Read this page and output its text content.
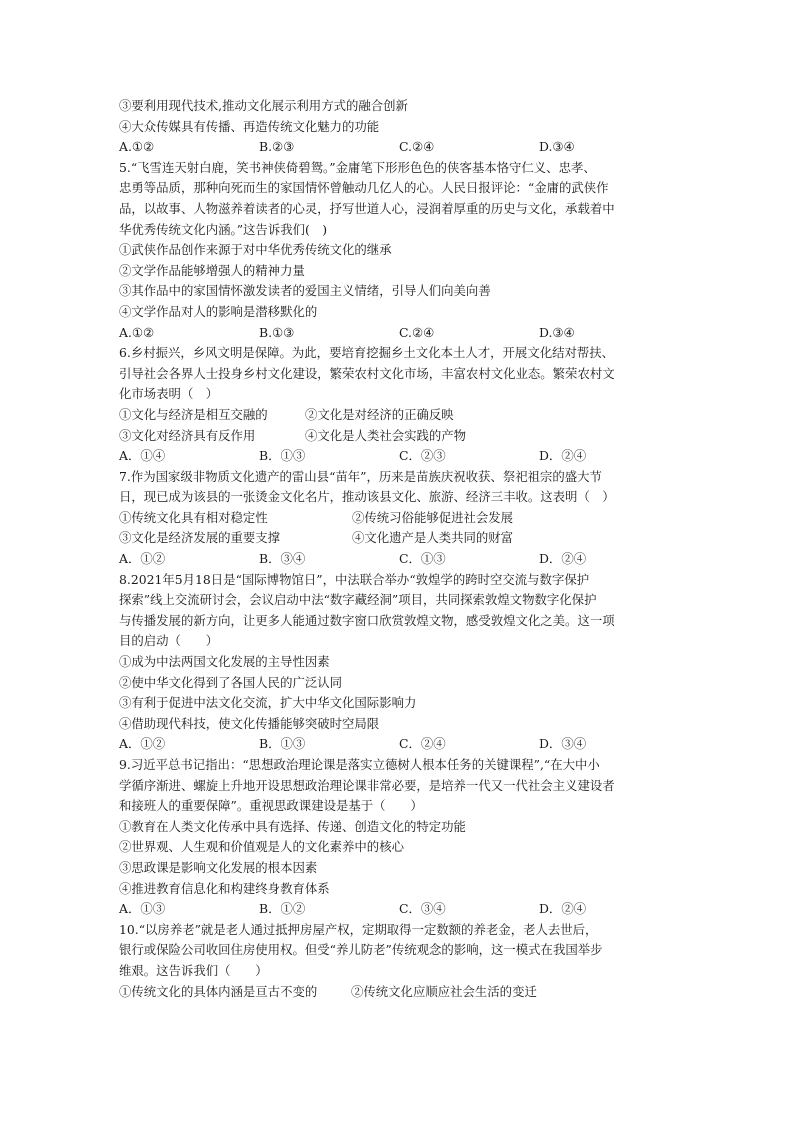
③要利用现代技术,推动文化展示利用方式的融合创新
④大众传媒具有传播、再造传统文化魅力的功能
A.①②	B.②③	C.②④	D.③④
5.“飞雪连天射白鹿，笑书神侠倚碧鸳。”金庸笔下形形色色的侠客基本恪守仁义、忠孝、
忠勇等品质，那种向死而生的家国情怀曾触动几亿人的心。人民日报评论：“金庸的武侠作
品，以故事、人物滋养着读者的心灵，抒写世道人心，浸润着厚重的历史与文化，承载着中
华优秀传统文化内涵。”这告诉我们(　)
①武侠作品创作来源于对中华优秀传统文化的继承
②文学作品能够增强人的精神力量
③其作品中的家国情怀激发读者的爱国主义情绪，引导人们向美向善
④文学作品对人的影响是潜移默化的
A.①②	B.①③	C.②④	D.③④
6.乡村振兴，乡风文明是保障。为此，要培育挖掘乡土文化本土人才，开展文化结对帮扶、
引导社会各界人士投身乡村文化建设，繁荣农村文化市场，丰富农村文化业态。繁荣农村文
化市场表明（　）
①文化与经济是相互交融的	②文化是对经济的正确反映
③文化对经济具有反作用	④文化是人类社会实践的产物
A．①④	B．①③	C．②③	D．②④
7.作为国家级非物质文化遗产的雷山县“苗年”，历来是苗族庆祝收获、祭祀祖宗的盛大节
日，现已成为该县的一张烫金文化名片，推动该县文化、旅游、经济三丰收。这表明（　）
①传统文化具有相对稳定性	②传统习俗能够促进社会发展
③文化是经济发展的重要支撑	④文化遗产是人类共同的财富
A．①②	B．③④	C．①③	D．②④
8.2021年5月18日是“国际博物馆日”，中法联合举办“敦煌学的跨时空交流与数字保护
探索”线上交流研讨会，会议启动中法“数字藏经洞”项目，共同探索敦煌文物数字化保护
与传播发展的新方向，让更多人能通过数字窗口欣赏敦煌文物，感受敦煌文化之美。这一项
目的启动（　　）
①成为中法两国文化发展的主导性因素
②使中华文化得到了各国人民的广泛认同
③有利于促进中法文化交流，扩大中华文化国际影响力
④借助现代科技，使文化传播能够突破时空局限
A．①②	B．①③	C．②④	D．③④
9.习近平总书记指出：“思想政治理论课是落实立德树人根本任务的关键课程”,“在大中小
学循序渐进、螺旋上升地开设思想政治理论课非常必要，是培养一代又一代社会主义建设者
和接班人的重要保障”。重视思政课建设是基于（　　）
①教育在人类文化传承中具有选择、传递、创造文化的特定功能
②世界观、人生观和价值观是人的文化素养中的核心
③思政课是影响文化发展的根本因素
④推进教育信息化和构建终身教育体系
A．①③	B．①②	C．③④	D．②④
10.“以房养老”就是老人通过抵押房屋产权，定期取得一定数额的养老金，老人去世后，
银行或保险公司收回住房使用权。但受“养儿防老”传统观念的影响，这一模式在我国举步
维艰。这告诉我们（　　）
①传统文化的具体内涵是亘古不变的	②传统文化应顺应社会生活的变迁
